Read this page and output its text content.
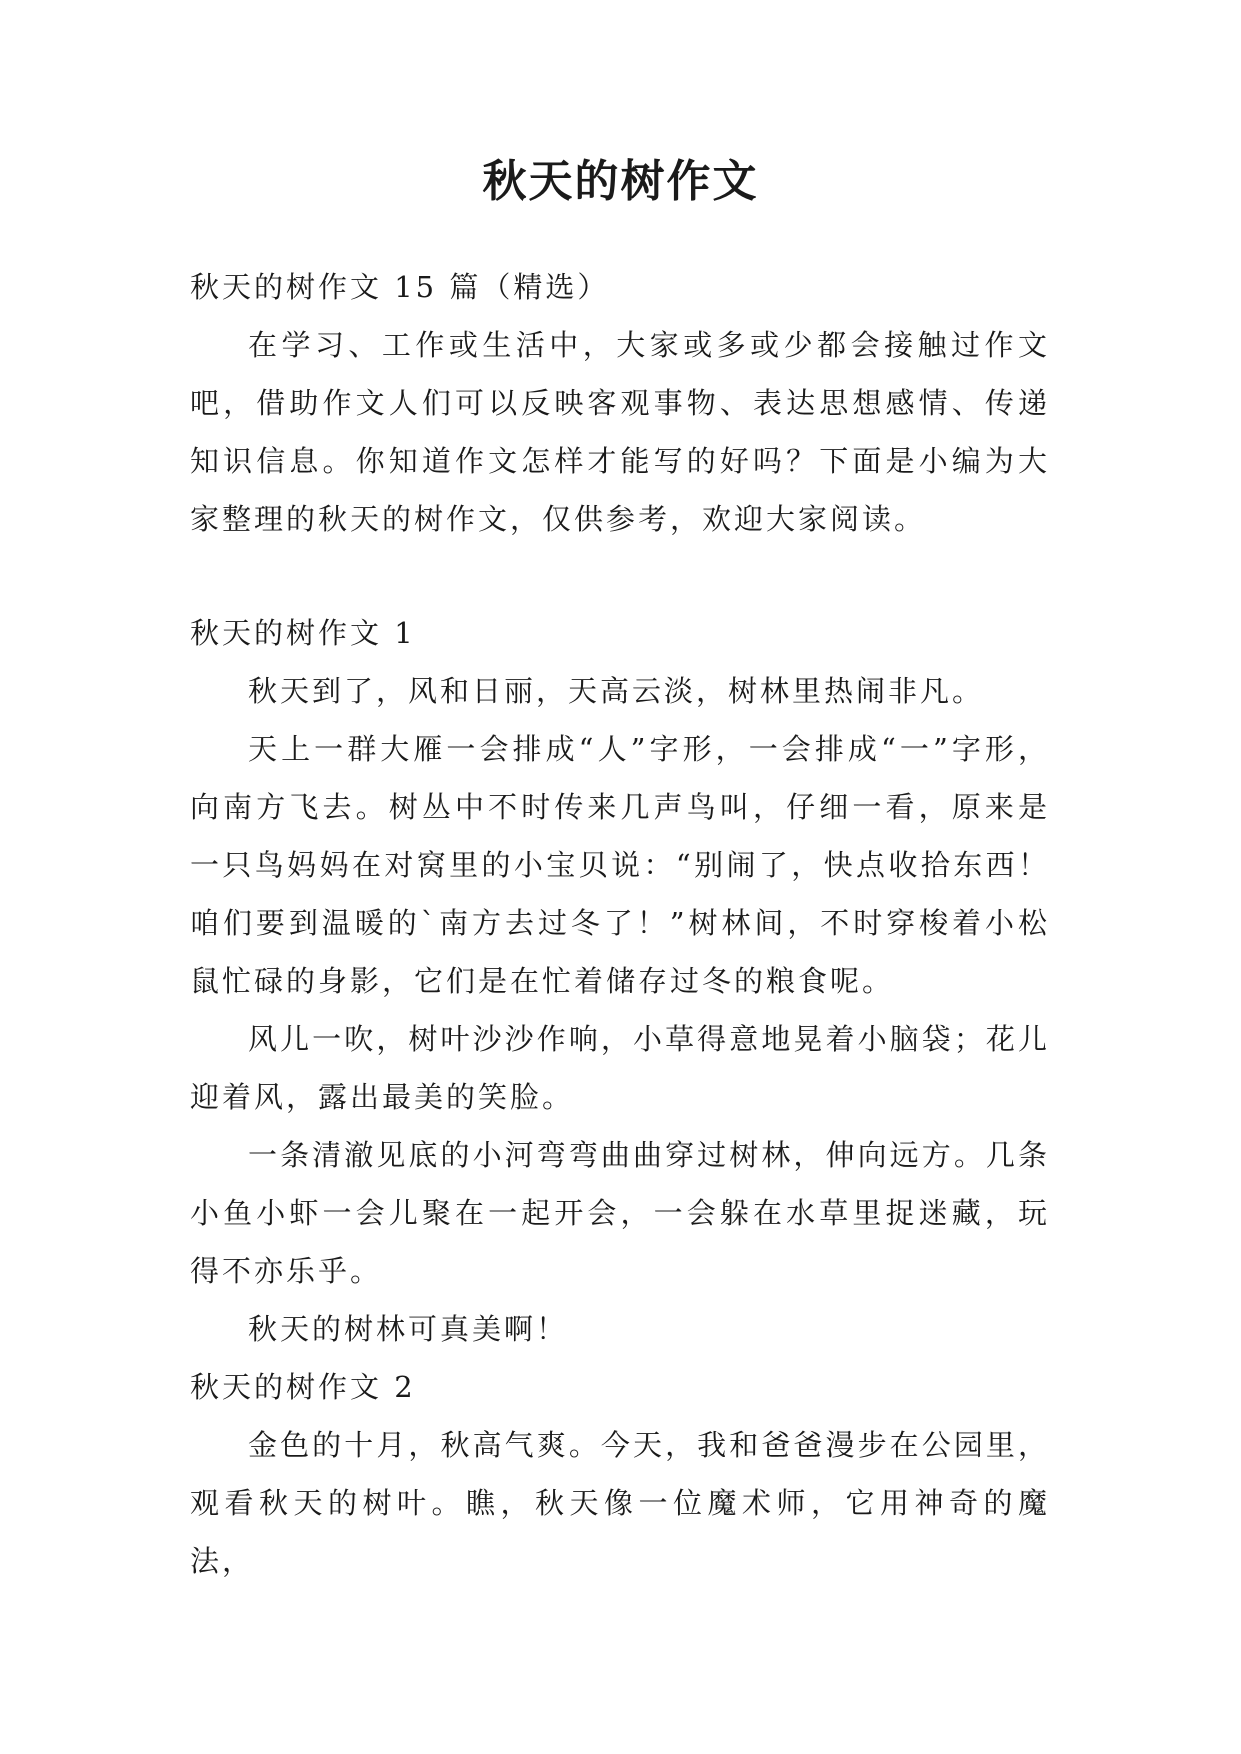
秋天的树作文

秋天的树作文 15 篇（精选）

在学习、工作或生活中，大家或多或少都会接触过作文吧，借助作文人们可以反映客观事物、表达思想感情、传递知识信息。你知道作文怎样才能写的好吗？下面是小编为大家整理的秋天的树作文，仅供参考，欢迎大家阅读。

秋天的树作文 1

秋天到了，风和日丽，天高云淡，树林里热闹非凡。

天上一群大雁一会排成“人”字形，一会排成“一”字形，向南方飞去。树丛中不时传来几声鸟叫，仔细一看，原来是一只鸟妈妈在对窝里的小宝贝说：“别闹了，快点收拾东西！咱们要到温暖的`南方去过冬了！”树林间，不时穿梭着小松鼠忙碌的身影，它们是在忙着储存过冬的粮食呢。

风儿一吹，树叶沙沙作响，小草得意地晃着小脑袋；花儿迎着风，露出最美的笑脸。

一条清澈见底的小河弯弯曲曲穿过树林，伸向远方。几条小鱼小虾一会儿聚在一起开会，一会躲在水草里捉迷藏，玩得不亦乐乎。

秋天的树林可真美啊！

秋天的树作文 2

金色的十月，秋高气爽。今天，我和爸爸漫步在公园里，观看秋天的树叶。瞧，秋天像一位魔术师，它用神奇的魔法，
